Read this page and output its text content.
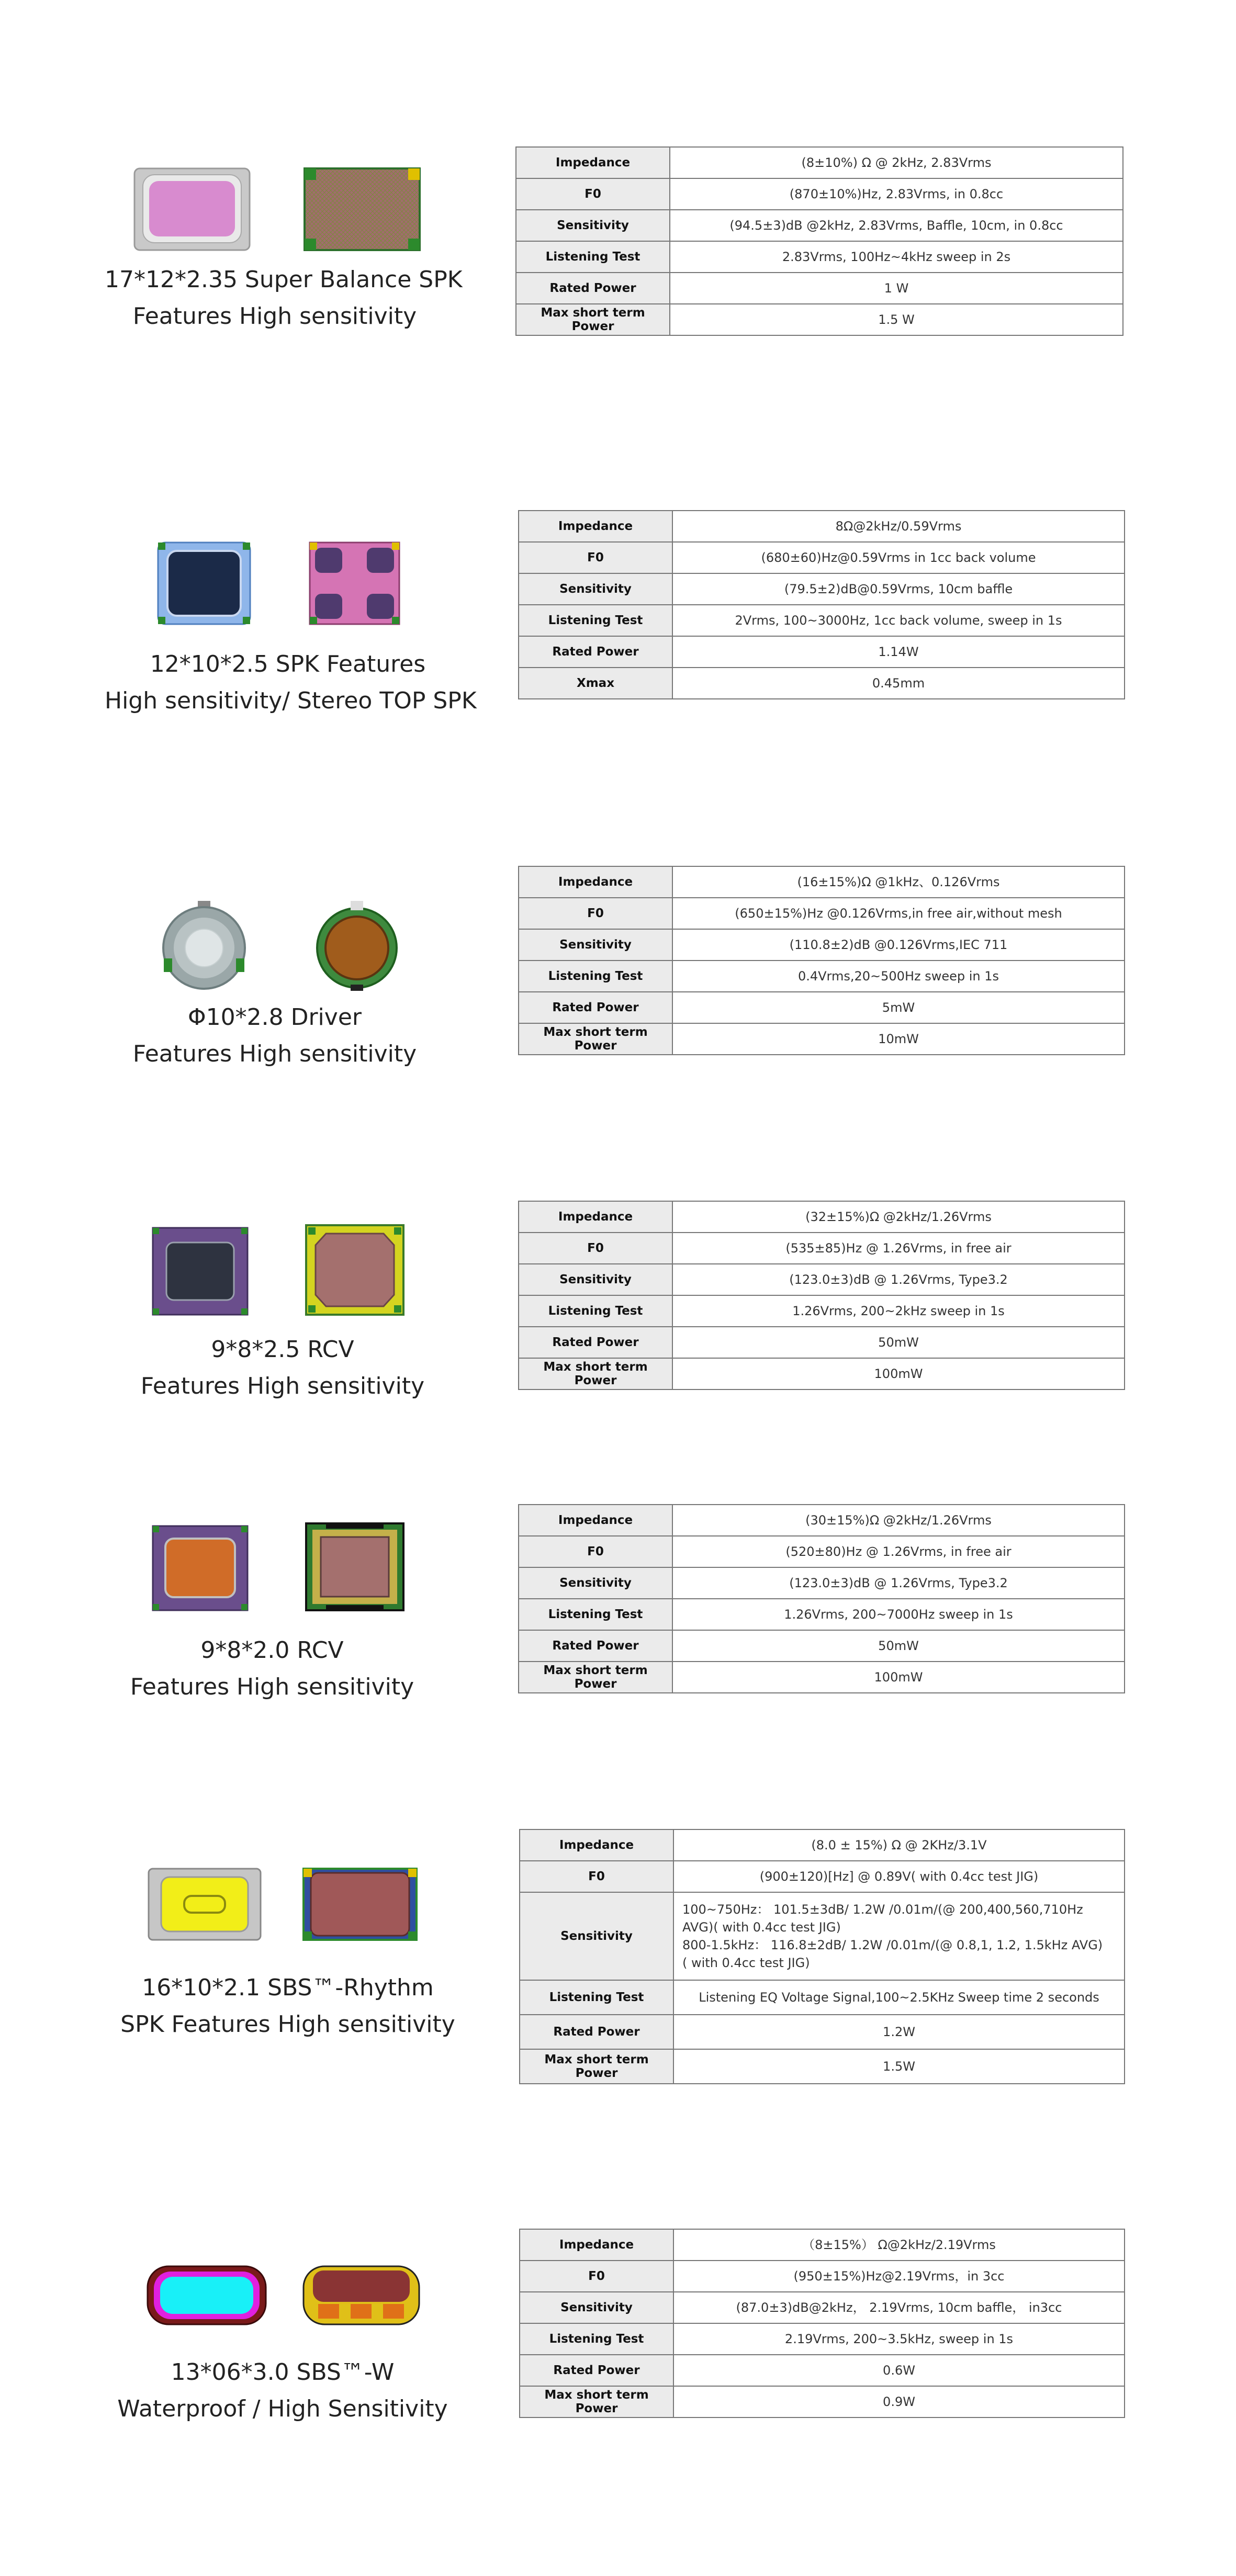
17*12*2.35 Super Balance SPK
Features High sensitivity
Impedance	(8±10%) Ω @ 2kHz, 2.83Vrms
F0	(870±10%)Hz, 2.83Vrms, in 0.8cc
Sensitivity	(94.5±3)dB @2kHz, 2.83Vrms, Baffle, 10cm, in 0.8cc
Listening Test	2.83Vrms, 100Hz~4kHz sweep in 2s
Rated Power	1 W
Max short term Power	1.5 W
12*10*2.5 SPK Features
High sensitivity/ Stereo TOP SPK
Impedance	8Ω@2kHz/0.59Vrms
F0	(680±60)Hz@0.59Vrms in 1cc back volume
Sensitivity	(79.5±2)dB@0.59Vrms, 10cm baffle
Listening Test	2Vrms, 100~3000Hz, 1cc back volume, sweep in 1s
Rated Power	1.14W
Xmax	0.45mm
Φ10*2.8 Driver
Features High sensitivity
Impedance	(16±15%)Ω @1kHz、0.126Vrms
F0	(650±15%)Hz @0.126Vrms,in free air,without mesh
Sensitivity	(110.8±2)dB @0.126Vrms,IEC 711
Listening Test	0.4Vrms,20~500Hz sweep in 1s
Rated Power	5mW
Max short term Power	10mW
9*8*2.5 RCV
Features High sensitivity
Impedance	(32±15%)Ω @2kHz/1.26Vrms
F0	(535±85)Hz @ 1.26Vrms, in free air
Sensitivity	(123.0±3)dB @ 1.26Vrms, Type3.2
Listening Test	1.26Vrms, 200~2kHz sweep in 1s
Rated Power	50mW
Max short term Power	100mW
9*8*2.0 RCV
Features High sensitivity
Impedance	(30±15%)Ω @2kHz/1.26Vrms
F0	(520±80)Hz @ 1.26Vrms, in free air
Sensitivity	(123.0±3)dB @ 1.26Vrms, Type3.2
Listening Test	1.26Vrms, 200~7000Hz sweep in 1s
Rated Power	50mW
Max short term Power	100mW
16*10*2.1 SBS™-Rhythm
SPK Features High sensitivity
Impedance	(8.0 ± 15%) Ω @ 2KHz/3.1V
F0	(900±120)[Hz] @ 0.89V( with 0.4cc test JIG)
Sensitivity	100~750Hz： 101.5±3dB/ 1.2W /0.01m/(@ 200,400,560,710Hz
AVG)( with 0.4cc test JIG)
800-1.5kHz： 116.8±2dB/ 1.2W /0.01m/(@ 0.8,1, 1.2, 1.5kHz AVG)
( with 0.4cc test JIG)

Listening Test	Listening EQ Voltage Signal,100~2.5KHz Sweep time 2 seconds
Rated Power	1.2W
Max short term Power	1.5W
13*06*3.0 SBS™-W
Waterproof / High Sensitivity
Impedance	（8±15%） Ω@2kHz/2.19Vrms
F0	(950±15%)Hz@2.19Vrms，in 3cc
Sensitivity	(87.0±3)dB@2kHz， 2.19Vrms, 10cm baffle， in3cc
Listening Test	2.19Vrms, 200~3.5kHz, sweep in 1s
Rated Power	0.6W
Max short term Power	0.9W
